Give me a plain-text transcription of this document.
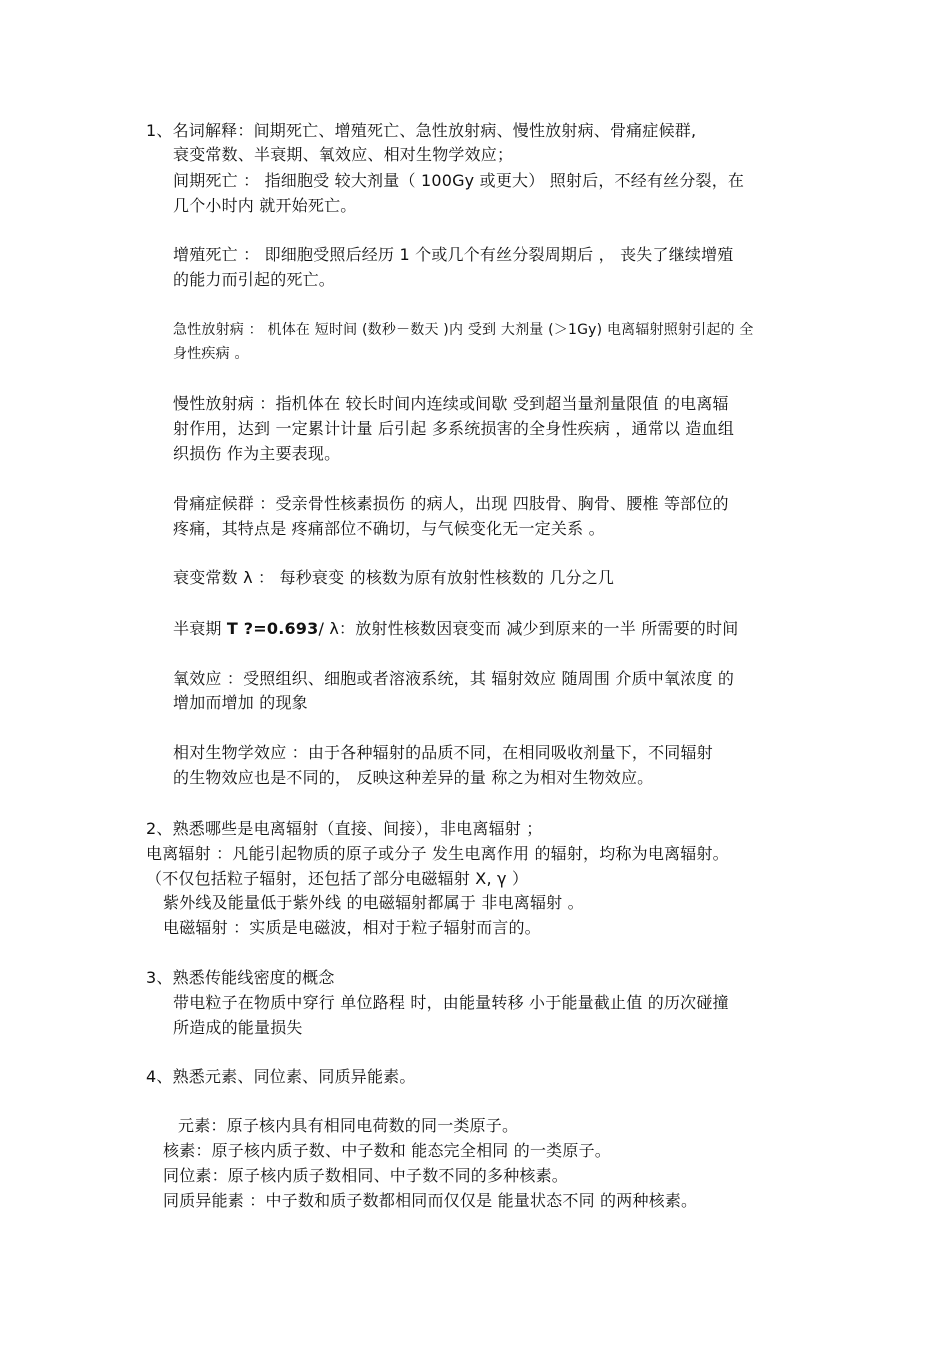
1、名词解释：间期死亡、增殖死亡、急性放射病、慢性放射病、骨痛症候群,
衰变常数、半衰期、氧效应、相对生物学效应；
间期死亡 ： 指细胞受 较大剂量（ 100Gy 或更大） 照射后，不经有丝分裂，在
几个小时内 就开始死亡。
增殖死亡 ： 即细胞受照后经历 1 个或几个有丝分裂周期后 ， 丧失了继续增殖
的能力而引起的死亡。
急性放射病 ： 机体在 短时间 (数秒－数天 )内 受到 大剂量 (＞1Gy) 电离辐射照射引起的 全
身性疾病 。
慢性放射病 ：指机体在 较长时间内连续或间歇 受到超当量剂量限值 的电离辐
射作用，达到 一定累计计量 后引起 多系统损害的全身性疾病 ，通常以 造血组
织损伤 作为主要表现。
骨痛症候群 ：受亲骨性核素损伤 的病人，出现 四肢骨、胸骨、腰椎 等部位的
疼痛，其特点是 疼痛部位不确切，与气候变化无一定关系 。
衰变常数 λ ： 每秒衰变 的核数为原有放射性核数的 几分之几
半衰期 T ?=0.693/ λ：放射性核数因衰变而 减少到原来的一半 所需要的时间
氧效应 ：受照组织、细胞或者溶液系统，其 辐射效应 随周围 介质中氧浓度 的
增加而增加 的现象
相对生物学效应 ：由于各种辐射的品质不同，在相同吸收剂量下，不同辐射
的生物效应也是不同的， 反映这种差异的量 称之为相对生物效应。
2、熟悉哪些是电离辐射（直接、间接），非电离辐射 ；
电离辐射 ：凡能引起物质的原子或分子 发生电离作用 的辐射，均称为电离辐射。
（不仅包括粒子辐射，还包括了部分电磁辐射 X, γ ）
紫外线及能量低于紫外线 的电磁辐射都属于 非电离辐射 。
电磁辐射 ：实质是电磁波，相对于粒子辐射而言的。
3、熟悉传能线密度的概念
带电粒子在物质中穿行 单位路程 时，由能量转移 小于能量截止值 的历次碰撞
所造成的能量损失
4、熟悉元素、同位素、同质异能素。
元素：原子核内具有相同电荷数的同一类原子。
核素：原子核内质子数、中子数和 能态完全相同 的一类原子。
同位素：原子核内质子数相同、中子数不同的多种核素。
同质异能素 ：中子数和质子数都相同而仅仅是 能量状态不同 的两种核素。
